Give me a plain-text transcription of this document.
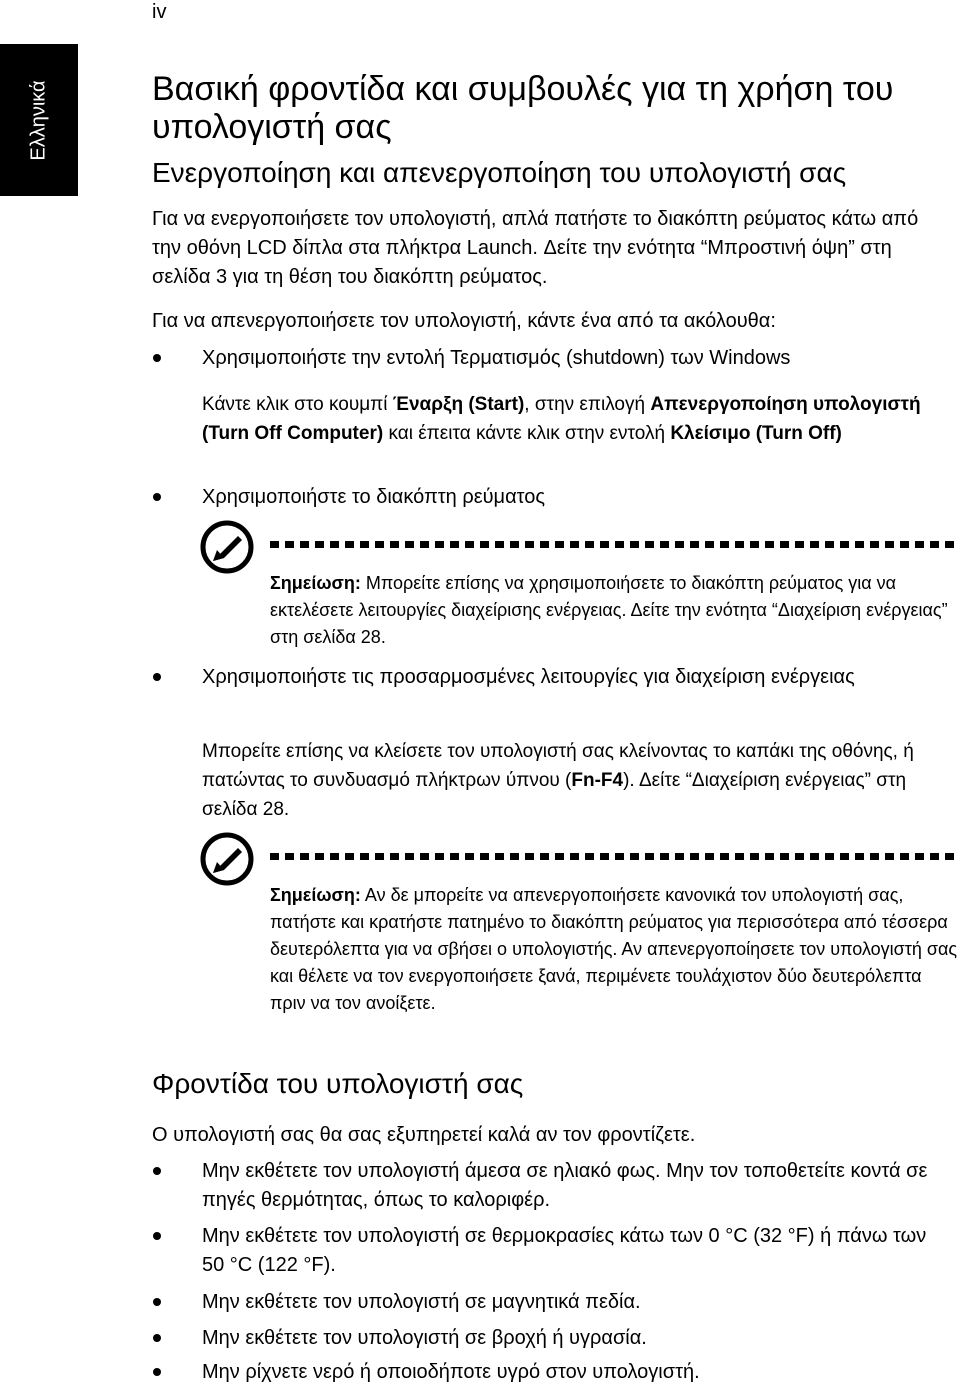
iv
Ελληνικά	Βασική φροντίδα και συμβουλές για τη χρήση του υπολογιστή σας
Ενεργοποίηση και απενεργοποίηση του υπολογιστή σας

Για να ενεργοποιήσετε τον υπολογιστή, απλά πατήστε το διακόπτη ρεύματος κάτω από την οθόνη LCD δίπλα στα πλήκτρα Launch. Δείτε την ενότητα “Μπροστινή όψη” στη σελίδα 3 για τη θέση του διακόπτη ρεύματος.

Για να απενεργοποιήσετε τον υπολογιστή, κάντε ένα από τα ακόλουθα:

Χρησιμοποιήστε την εντολή Τερματισμός (shutdown) των Windows

Κάντε κλικ στο κουμπί Έναρξη (Start), στην επιλογή Απενεργοποίηση υπολογιστή (Turn Off Computer) και έπειτα κάντε κλικ στην εντολή Κλείσιμο (Turn Off)

Χρησιμοποιήστε το διακόπτη ρεύματος

Σημείωση: Μπορείτε επίσης να χρησιμοποιήσετε το διακόπτη ρεύματος για να εκτελέσετε λειτουργίες διαχείρισης ενέργειας. Δείτε την ενότητα “Διαχείριση ενέργειας” στη σελίδα 28.

Χρησιμοποιήστε τις προσαρμοσμένες λειτουργίες για διαχείριση ενέργειας

Μπορείτε επίσης να κλείσετε τον υπολογιστή σας κλείνοντας το καπάκι της οθόνης, ή πατώντας το συνδυασμό πλήκτρων ύπνου (Fn-F4). Δείτε “Διαχείριση ενέργειας” στη σελίδα 28.

Σημείωση: Αν δε μπορείτε να απενεργοποιήσετε κανονικά τον υπολογιστή σας, πατήστε και κρατήστε πατημένο το διακόπτη ρεύματος για περισσότερα από τέσσερα δευτερόλεπτα για να σβήσει ο υπολογιστής. Αν απενεργοποίησετε τον υπολογιστή σας και θέλετε να τον ενεργοποιήσετε ξανά, περιμένετε τουλάχιστον δύο δευτερόλεπτα πριν να τον ανοίξετε.

Φροντίδα του υπολογιστή σας

Ο υπολογιστή σας θα σας εξυπηρετεί καλά αν τον φροντίζετε.

Μην εκθέτετε τον υπολογιστή άμεσα σε ηλιακό φως. Μην τον τοποθετείτε κοντά σε πηγές θερμότητας, όπως το καλοριφέρ.

Μην εκθέτετε τον υπολογιστή σε θερμοκρασίες κάτω των 0 °C (32 °F) ή πάνω των 50 °C (122 °F).

Μην εκθέτετε τον υπολογιστή σε μαγνητικά πεδία.

Μην εκθέτετε τον υπολογιστή σε βροχή ή υγρασία.

Μην ρίχνετε νερό ή οποιοδήποτε υγρό στον υπολογιστή.
